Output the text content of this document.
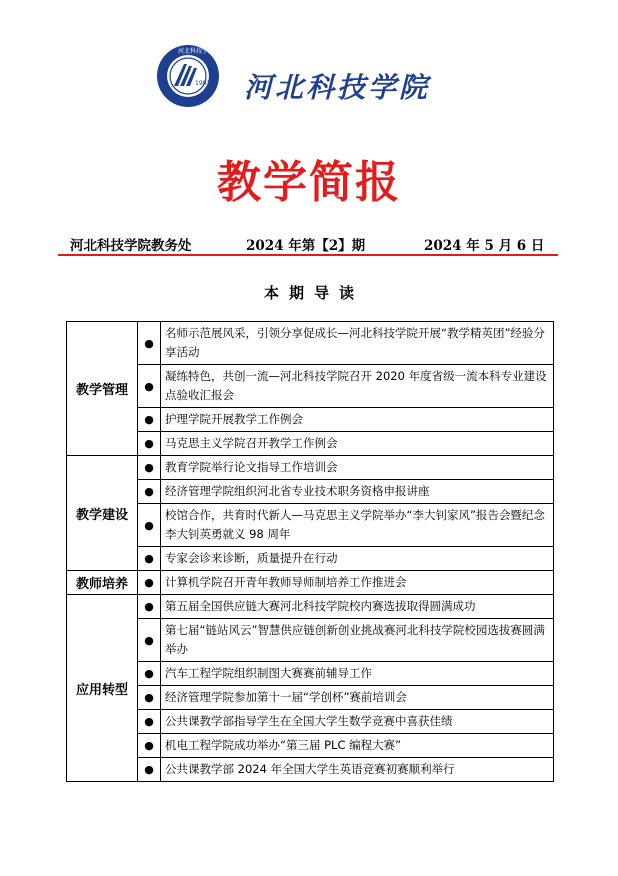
1991
河北科技学院
河北科技学院
教学简报
河北科技学院教务处	2024 年第【2】期	2024 年 5 月 6 日
本期导读
教学管理	●	名师示范展风采，引领分享促成长—河北科技学院开展“教学精英团”经验分享活动
	●	凝练特色，共创一流—河北科技学院召开 2020 年度省级一流本科专业建设点验收汇报会
	●	护理学院开展教学工作例会
	●	马克思主义学院召开教学工作例会
教学建设	●	教育学院举行论文指导工作培训会
	●	经济管理学院组织河北省专业技术职务资格申报讲座
	●	校馆合作，共育时代新人—马克思主义学院举办“李大钊家风”报告会暨纪念李大钊英勇就义 98 周年
	●	专家会诊来诊断，质量提升在行动
教师培养	●	计算机学院召开青年教师导师制培养工作推进会
应用转型	●	第五届全国供应链大赛河北科技学院校内赛选拔取得圆满成功
	●	第七届“链站风云”智慧供应链创新创业挑战赛河北科技学院校园选拔赛圆满举办
	●	汽车工程学院组织制图大赛赛前辅导工作
	●	经济管理学院参加第十一届“学创杯”赛前培训会
	●	公共课教学部指导学生在全国大学生数学竞赛中喜获佳绩
	●	机电工程学院成功举办“第三届 PLC 编程大赛”
	●	公共课教学部 2024 年全国大学生英语竞赛初赛顺利举行
